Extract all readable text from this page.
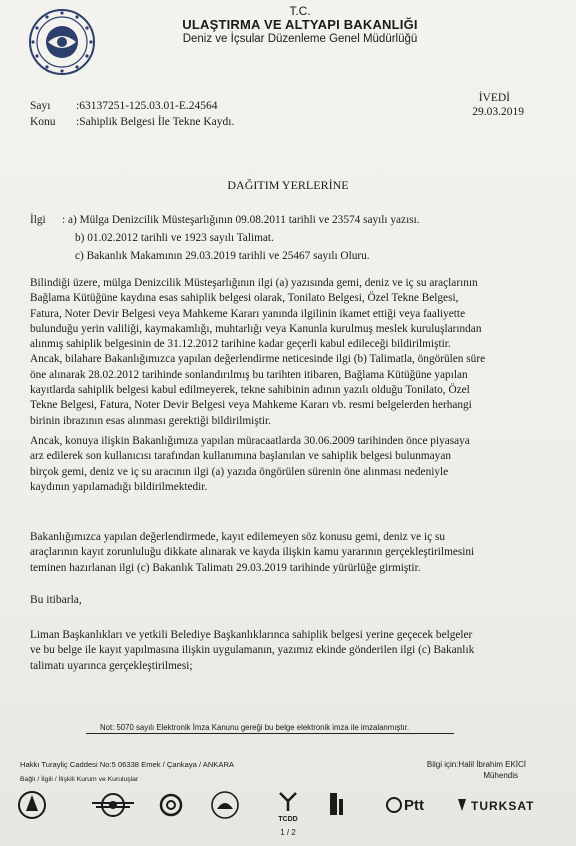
T.C.
ULAŞTIRMA VE ALTYAPI BAKANLIĞI
Deniz ve İçsular Düzenleme Genel Müdürlüğü
Sayı :63137251-125.03.01-E.24564
Konu :Sahiplik Belgesi İle Tekne Kaydı.
İVEDİ
29.03.2019
DAĞITIM YERLERİNE
İlgi : a) Mülga Denizcilik Müsteşarlığının 09.08.2011 tarihli ve 23574 sayılı yazısı.
b) 01.02.2012 tarihli ve 1923 sayılı Talimat.
c) Bakanlık Makamının 29.03.2019 tarihli ve 25467 sayılı Oluru.
Bilindiği üzere, mülga Denizcilik Müsteşarlığının ilgi (a) yazısında gemi, deniz ve iç su araçlarının
Bağlama Kütüğüne kaydına esas sahiplik belgesi olarak, Tonilato Belgesi, Özel Tekne Belgesi,
Fatura, Noter Devir Belgesi veya Mahkeme Kararı yanında ilgilinin ikamet ettiği veya faaliyette
bulunduğu yerin valiliği, kaymakamlığı, muhtarlığı veya Kanunla kurulmuş meslek kuruluşlarından
alınmış sahiplik belgesinin de 31.12.2012 tarihine kadar geçerli kabul edileceği bildirilmiştir.
Ancak, bilahare Bakanlığımızca yapılan değerlendirme neticesinde ilgi (b) Talimatla, öngörülen süre
öne alınarak 28.02.2012 tarihinde sonlandırılmış bu tarihten itibaren, Bağlama Kütüğüne yapılan
kayıtlarda sahiplik belgesi kabul edilmeyerek, tekne sahibinin adının yazılı olduğu Tonilato, Özel
Tekne Belgesi, Fatura, Noter Devir Belgesi veya Mahkeme Kararı vb. resmi belgelerden herhangi
birinin ibrazının esas alınması gerektiği bildirilmiştir.
Ancak, konuya ilişkin Bakanlığımıza yapılan müracaatlarda 30.06.2009 tarihinden önce piyasaya
arz edilerek son kullanıcısı tarafından kullanımına başlanılan ve sahiplik belgesi bulunmayan
birçok gemi, deniz ve iç su aracının ilgi (a) yazıda öngörülen sürenin öne alınması nedeniyle
kaydının yapılamadığı bildirilmektedir.
Bakanlığımızca yapılan değerlendirmede, kayıt edilemeyen söz konusu gemi, deniz ve iç su
araçlarının kayıt zorunluluğu dikkate alınarak ve kayda ilişkin kamu yararının gerçekleştirilmesini
teminen hazırlanan ilgi (c) Bakanlık Talimatı 29.03.2019 tarihinde yürürlüğe girmiştir.
Bu itibarla,
Liman Başkanlıkları ve yetkili Belediye Başkanlıklarınca sahiplik belgesi yerine geçecek belgeler
ve bu belge ile kayıt yapılmasına ilişkin uygulamanın, yazımız ekinde gönderilen ilgi (c) Bakanlık
talimatı uyarınca gerçekleştirilmesi;
Not: 5070 sayılı Elektronik İmza Kanunu gereği bu belge elektronik imza ile imzalanmıştır.
Hakkı Turayliç Caddesi No:5 06338 Emek / Çankaya / ANKARA	Bilgi için:Halil İbrahim EKİCİ
Mühendis
Bağlı / İlgili / İlişkili Kurum ve Kuruluşlar
TCDD
Ptt	TURKSAT
1 / 2
